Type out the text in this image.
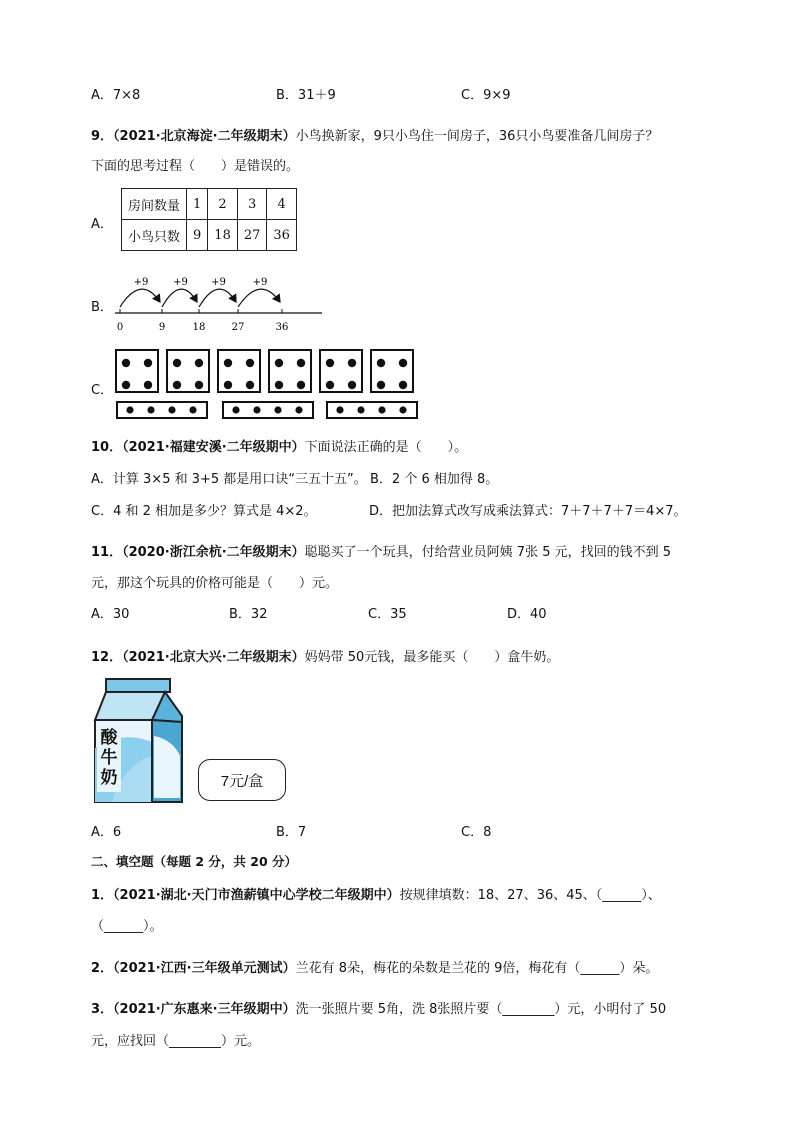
A．7×8	B．31＋9	C．9×9
9．（2021·北京海淀·二年级期末）小鸟换新家，9只小鸟住一间房子，36只小鸟要准备几间房子？
下面的思考过程（　　）是错误的。
A．
房间数量	1	2	3	4
小鸟只数	9	18	27	36
B．
0	9	18	27	36
+9 +9 +9	+9
C．
10．（2021·福建安溪·二年级期中）下面说法正确的是（　　）。
A．计算 3×5 和 3+5 都是用口诀“三五十五”。 B．2 个 6 相加得 8。
C．4 和 2 相加是多少？算式是 4×2。	D．把加法算式改写成乘法算式：7＋7＋7＋7＝4×7。
11．（2020·浙江余杭·二年级期末）聪聪买了一个玩具，付给营业员阿姨 7张 5 元，找回的钱不到 5
元，那这个玩具的价格可能是（　　）元。
A．30	B．32	C．35	D．40
12．（2021·北京大兴·二年级期末）妈妈带 50元钱，最多能买（　　）盒牛奶。
酸
牛
奶	7元/盒
A．6	B．7	C．8
二、填空题（每题 2 分，共 20 分）
1．（2021·湖北·天门市渔薪镇中心学校二年级期中）按规律填数：18、27、36、45、（______）、
（______）。
2．（2021·江西·三年级单元测试）兰花有 8朵，梅花的朵数是兰花的 9倍，梅花有（______）朵。
3．（2021·广东惠来·三年级期中）洗一张照片要 5角，洗 8张照片要（________）元，小明付了 50
元，应找回（________）元。
